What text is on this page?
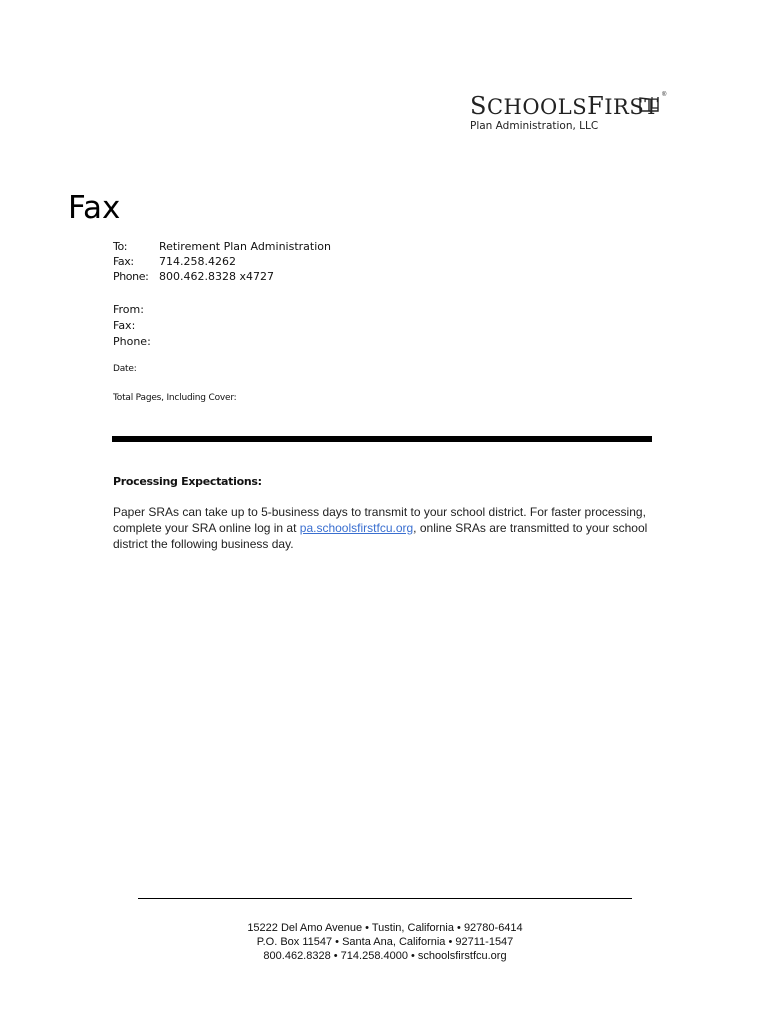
SCHOOLSFIRST ®
Plan Administration, LLC
Fax
To:	Retirement Plan Administration
Fax: 714.258.4262
Phone: 800.462.8328 x4727
From:
Fax:
Phone:
Date:
Total Pages, Including Cover:
Processing Expectations:
Paper SRAs can take up to 5-business days to transmit to your school district. For faster processing, complete your SRA online log in at pa.schoolsfirstfcu.org, online SRAs are transmitted to your school district the following business day.
15222 Del Amo Avenue • Tustin, California • 92780-6414
P.O. Box 11547 • Santa Ana, California • 92711-1547
800.462.8328 • 714.258.4000 • schoolsfirstfcu.org
